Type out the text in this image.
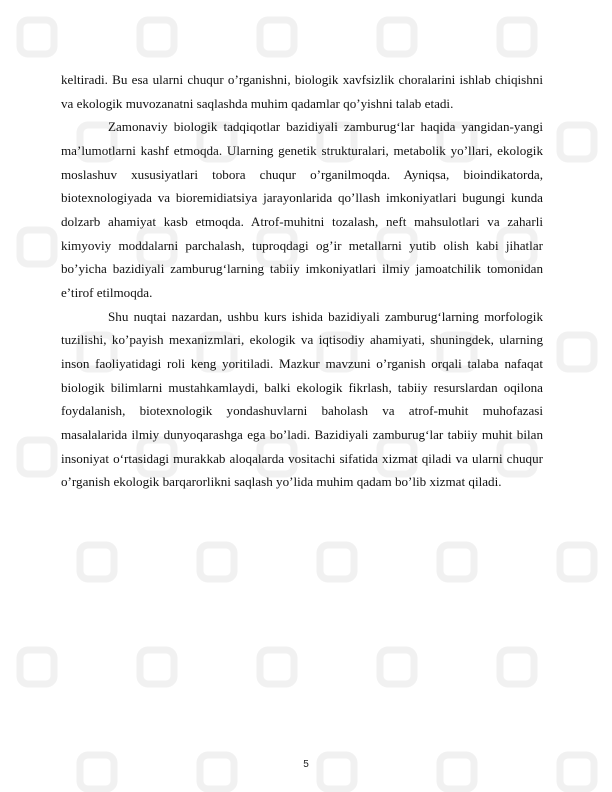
keltiradi. Bu esa ularni chuqur o’rganishni, biologik xavfsizlik choralarini ishlab chiqishni va ekologik muvozanatni saqlashda muhim qadamlar qo’yishni talab etadi.

Zamonaviy biologik tadqiqotlar bazidiyali zamburug‘lar haqida yangidan-yangi ma’lumotlarni kashf etmoqda. Ularning genetik strukturalari, metabolik yo’llari, ekologik moslashuv xususiyatlari tobora chuqur o’rganilmoqda. Ayniqsa, bioindikatorda, biotexnologiyada va bioremidiatsiya jarayonlarida qo’llash imkoniyatlari bugungi kunda dolzarb ahamiyat kasb etmoqda. Atrof-muhitni tozalash, neft mahsulotlari va zaharli kimyoviy moddalarni parchalash, tuproqdagi og’ir metallarni yutib olish kabi jihatlar bo’yicha bazidiyali zamburug‘larning tabiiy imkoniyatlari ilmiy jamoatchilik tomonidan e’tirof etilmoqda.

Shu nuqtai nazardan, ushbu kurs ishida bazidiyali zamburug‘larning morfologik tuzilishi, ko’payish mexanizmlari, ekologik va iqtisodiy ahamiyati, shuningdek, ularning inson faoliyatidagi roli keng yoritiladi. Mazkur mavzuni o’rganish orqali talaba nafaqat biologik bilimlarni mustahkamlaydi, balki ekologik fikrlash, tabiiy resurslardan oqilona foydalanish, biotexnologik yondashuvlarni baholash va atrof-muhit muhofazasi masalalarida ilmiy dunyoqarashga ega bo’ladi. Bazidiyali zamburug‘lar tabiiy muhit bilan insoniyat o‘rtasidagi murakkab aloqalarda vositachi sifatida xizmat qiladi va ularni chuqur o’rganish ekologik barqarorlikni saqlash yo’lida muhim qadam bo’lib xizmat qiladi.

5
